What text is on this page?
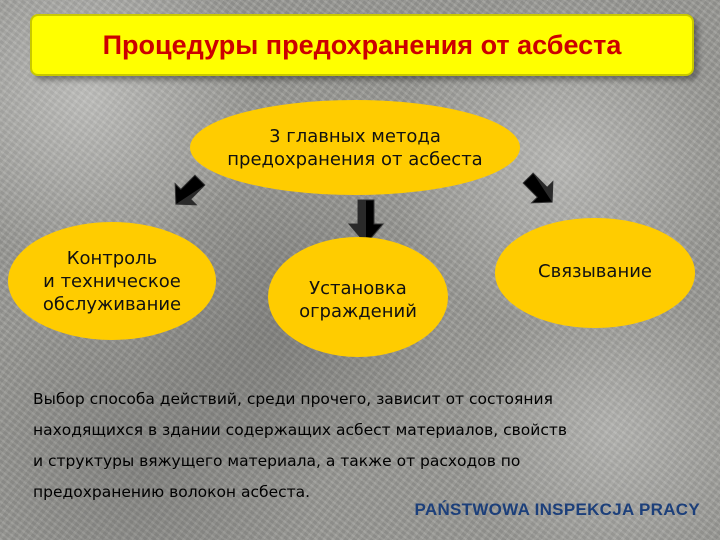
Процедуры предохранения от асбеста
3 главных метода
предохранения от асбеста
Контроль
и техническое
обслуживание
Установка
ограждений
Связывание
Выбор способа действий, среди прочего, зависит от состояния
находящихся в здании содержащих асбест материалов, свойств
и структуры вяжущего материала, а также от расходов по
предохранению волокон асбеста.
PAŃSTWOWA INSPEKCJA PRACY
